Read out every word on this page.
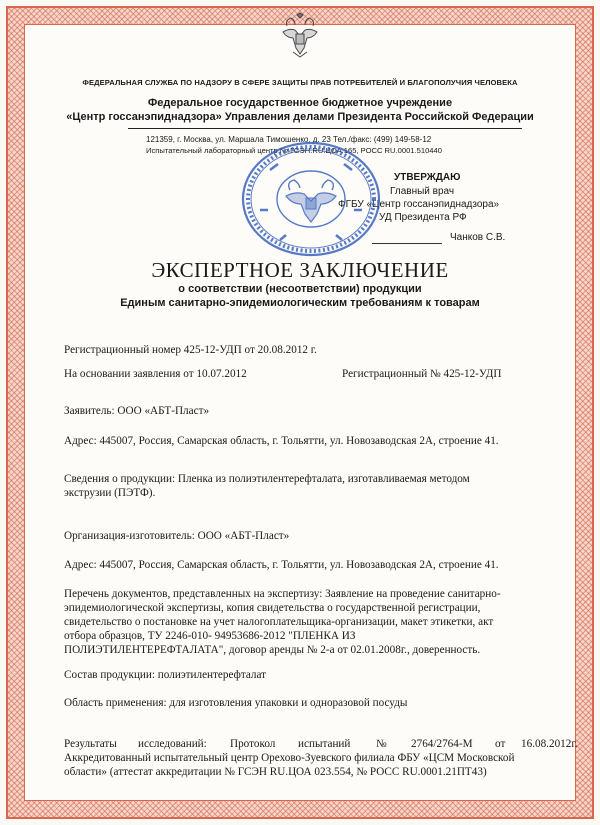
ФЕДЕРАЛЬНАЯ СЛУЖБА ПО НАДЗОРУ В СФЕРЕ ЗАЩИТЫ ПРАВ ПОТРЕБИТЕЛЕЙ И БЛАГОПОЛУЧИЯ ЧЕЛОВЕКА
Федеральное государственное бюджетное учреждение
«Центр госсанэпиднадзора» Управления делами Президента Российской Федерации
121359, г. Москва, ул. Маршала Тимошенко, д. 23 Тел./факс: (499) 149-58-12
Испытательный лабораторный центр № ГСЭН.RU.ЦОА.165, РОСС RU.0001.510440
УТВЕРЖДАЮ
Главный врач
ФГБУ «Центр госсанэпиднадзора»
УД Президента РФ
Чанков С.В.
ЭКСПЕРТНОЕ ЗАКЛЮЧЕНИЕ
о соответствии (несоответствии) продукции
Единым санитарно-эпидемиологическим требованиям к товарам
Регистрационный номер 425-12-УДП от 20.08.2012 г.
На основании заявления от 10.07.2012	Регистрационный № 425-12-УДП
Заявитель: ООО «АБТ-Пласт»
Адрес: 445007, Россия, Самарская область, г. Тольятти, ул. Новозаводская 2А, строение 41.
Сведения о продукции: Пленка из полиэтилентерефталата, изготавливаемая методом
экструзии (ПЭТФ).
Организация-изготовитель: ООО «АБТ-Пласт»
Адрес: 445007, Россия, Самарская область, г. Тольятти, ул. Новозаводская 2А, строение 41.
Перечень документов, представленных на экспертизу: Заявление на проведение санитарно-
эпидемиологической экспертизы, копия свидетельства о государственной регистрации,
свидетельство о постановке на учет налогоплательщика-организации, макет этикетки, акт
отбора образцов, ТУ 2246-010- 94953686-2012 "ПЛЕНКА ИЗ
ПОЛИЭТИЛЕНТЕРЕФТАЛАТА", договор аренды № 2-а от 02.01.2008г., доверенность.
Состав продукции: полиэтилентерефталат
Область применения: для изготовления упаковки и одноразовой посуды
Результаты исследований: Протокол испытаний № 2764/2764-М от 16.08.2012г.
Аккредитованный испытательный центр Орехово-Зуевского филиала ФБУ «ЦСМ Московской
области» (аттестат аккредитации № ГСЭН RU.ЦОА 023.554, № РОСС RU.0001.21ПТ43)
